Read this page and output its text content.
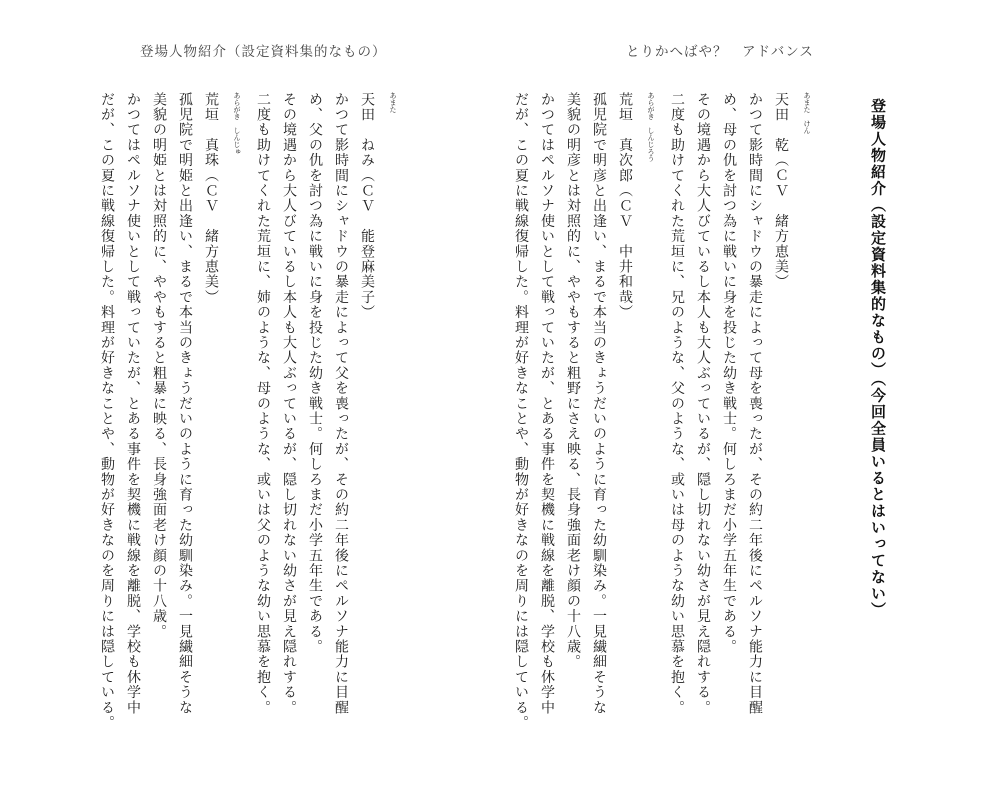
登場人物紹介（設定資料集的なもの）	とりかへばや？　アドバンス
登場人物紹介（設定資料集的なもの）（今回全員いるとはいってない）
あまた　けん
天田　乾（ＣＶ　緒方恵美）

かつて影時間にシャドウの暴走によって母を喪ったが、その約二年後にペルソナ能力に目醒

め、母の仇を討つ為に戦いに身を投じた幼き戦士。何しろまだ小学五年生である。

その境遇から大人びているし本人も大人ぶっているが、隠し切れない幼さが見え隠れする。

二度も助けてくれた荒垣に、兄のような、父のような、或いは母のような幼い思慕を抱く。

あらがき　しんじろう
荒垣　真次郎（ＣＶ　中井和哉）

孤児院で明彦と出逢い、まるで本当のきょうだいのように育った幼馴染み。一見繊細そうな

美貌の明彦とは対照的に、ややもすると粗野にさえ映る、長身強面老け顔の十八歳。

かつてはペルソナ使いとして戦っていたが、とある事件を契機に戦線を離脱、学校も休学中

だが、この夏に戦線復帰した。料理が好きなことや、動物が好きなのを周りには隠している。

あまた
天田　ねみ（ＣＶ　能登麻美子）

かつて影時間にシャドウの暴走によって父を喪ったが、その約二年後にペルソナ能力に目醒

め、父の仇を討つ為に戦いに身を投じた幼き戦士。何しろまだ小学五年生である。

その境遇から大人びているし本人も大人ぶっているが、隠し切れない幼さが見え隠れする。

二度も助けてくれた荒垣に、姉のような、母のような、或いは父のような幼い思慕を抱く。

あらがき　しんじゅ
荒垣　真珠（ＣＶ　緒方恵美）

孤児院で明姫と出逢い、まるで本当のきょうだいのように育った幼馴染み。一見繊細そうな

美貌の明姫とは対照的に、ややもすると粗暴に映る、長身強面老け顔の十八歳。

かつてはペルソナ使いとして戦っていたが、とある事件を契機に戦線を離脱、学校も休学中

だが、この夏に戦線復帰した。料理が好きなことや、動物が好きなのを周りには隠している。
